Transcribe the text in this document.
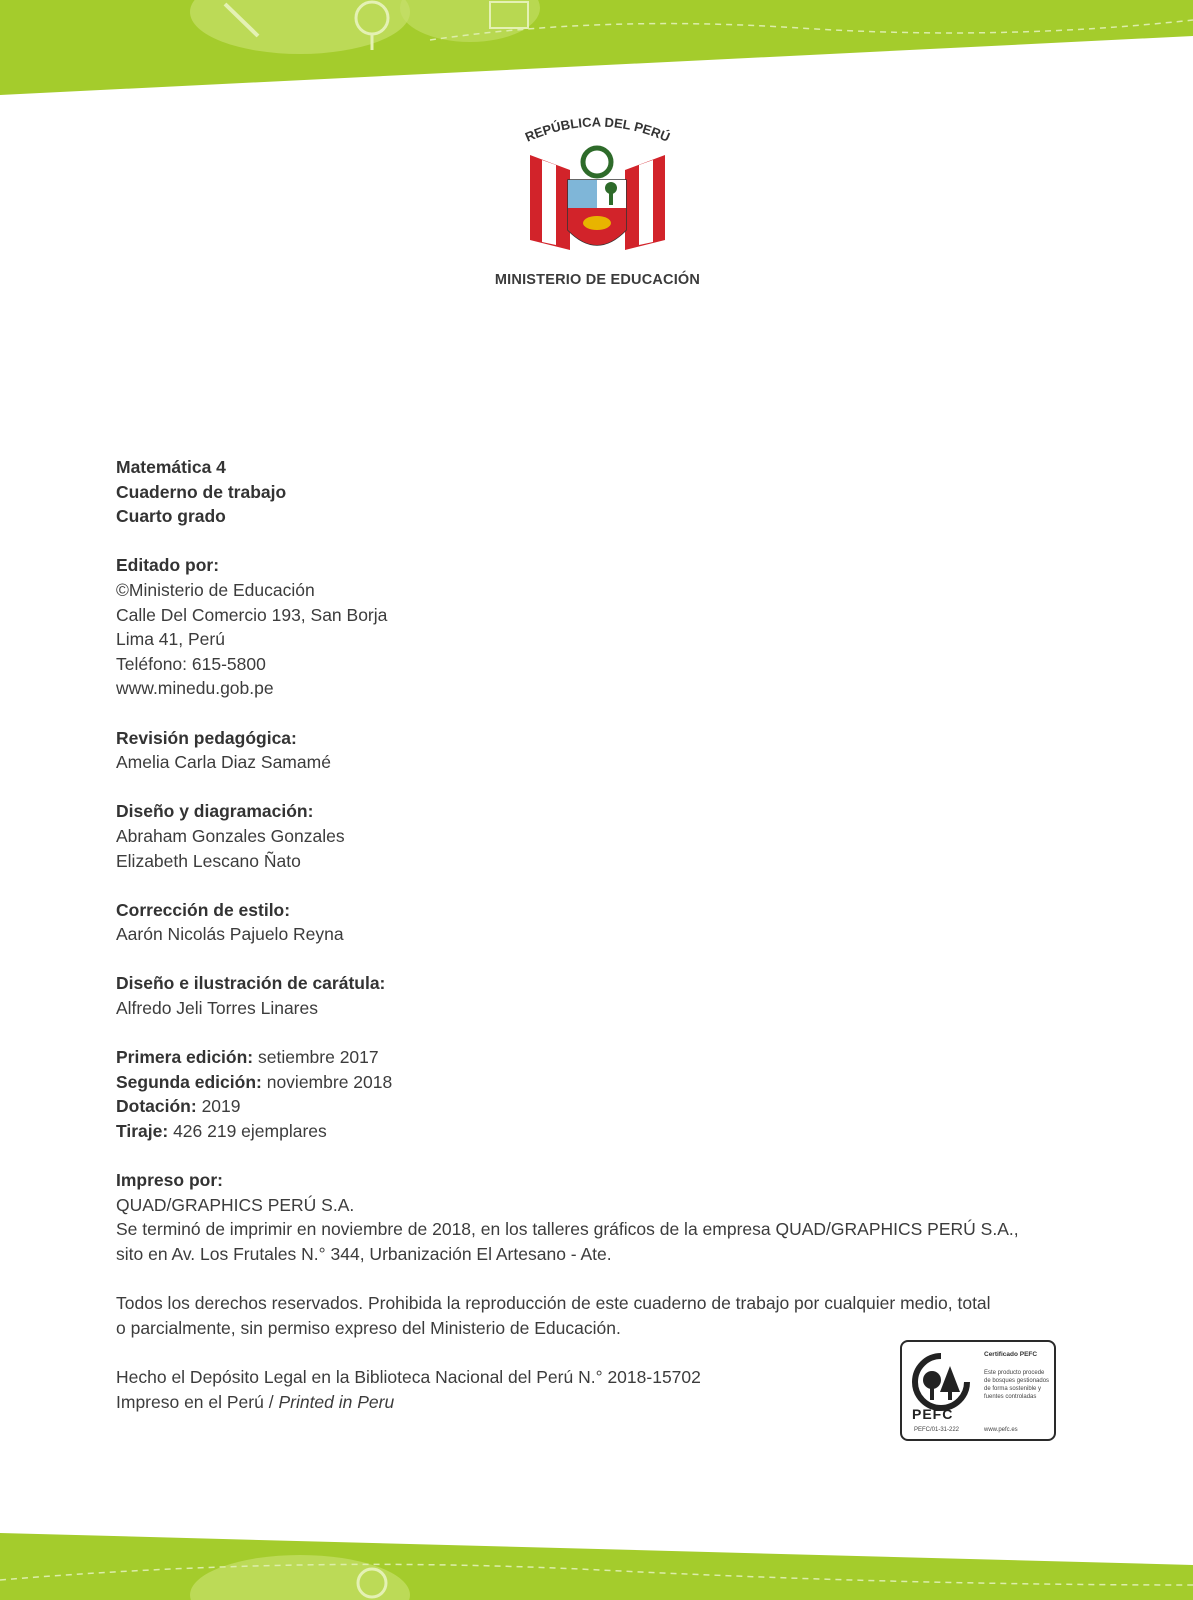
REPÚBLICA DEL PERÚ
MINISTERIO DE EDUCACIÓN

Matemática 4
Cuaderno de trabajo
Cuarto grado

Editado por:
©Ministerio de Educación
Calle Del Comercio 193, San Borja
Lima 41, Perú
Teléfono: 615-5800
www.minedu.gob.pe

Revisión pedagógica:
Amelia Carla Diaz Samamé

Diseño y diagramación:
Abraham Gonzales Gonzales
Elizabeth Lescano Ñato

Corrección de estilo:
Aarón Nicolás Pajuelo Reyna

Diseño e ilustración de carátula:
Alfredo Jeli Torres Linares

Primera edición: setiembre 2017
Segunda edición: noviembre 2018
Dotación: 2019
Tiraje: 426 219 ejemplares

Impreso por:
QUAD/GRAPHICS PERÚ S.A.
Se terminó de imprimir en noviembre de 2018, en los talleres gráficos de la empresa QUAD/GRAPHICS PERÚ S.A.,
sito en Av. Los Frutales N.° 344, Urbanización El Artesano - Ate.

Todos los derechos reservados. Prohibida la reproducción de este cuaderno de trabajo por cualquier medio, total
o parcialmente, sin permiso expreso del Ministerio de Educación.

Hecho el Depósito Legal en la Biblioteca Nacional del Perú N.° 2018-15702
Impreso en el Perú / Printed in Peru

PEFC
PEFC/01-31-222
Certificado PEFC
Este producto procede de bosques gestionados de forma sostenible y fuentes controladas
www.pefc.es
